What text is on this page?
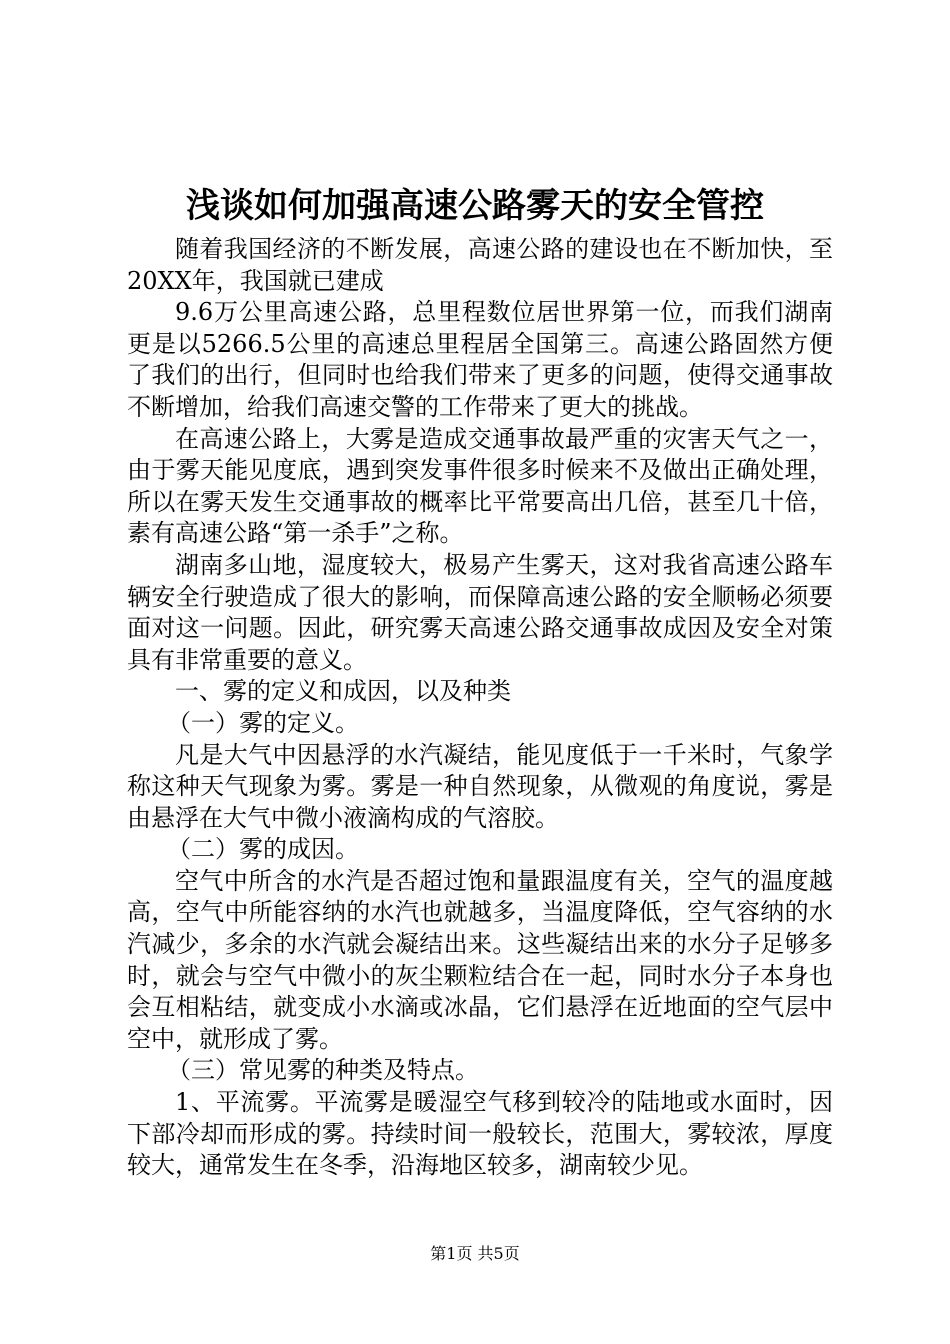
浅谈如何加强高速公路雾天的安全管控

随着我国经济的不断发展，高速公路的建设也在不断加快，至20XX年，我国就已建成

9.6万公里高速公路，总里程数位居世界第一位，而我们湖南更是以5266.5公里的高速总里程居全国第三。高速公路固然方便了我们的出行，但同时也给我们带来了更多的问题，使得交通事故不断增加，给我们高速交警的工作带来了更大的挑战。

在高速公路上，大雾是造成交通事故最严重的灾害天气之一，由于雾天能见度底，遇到突发事件很多时候来不及做出正确处理，所以在雾天发生交通事故的概率比平常要高出几倍，甚至几十倍，素有高速公路“第一杀手”之称。

湖南多山地，湿度较大，极易产生雾天，这对我省高速公路车辆安全行驶造成了很大的影响，而保障高速公路的安全顺畅必须要面对这一问题。因此，研究雾天高速公路交通事故成因及安全对策具有非常重要的意义。

一、雾的定义和成因，以及种类

（一）雾的定义。

凡是大气中因悬浮的水汽凝结，能见度低于一千米时，气象学称这种天气现象为雾。雾是一种自然现象，从微观的角度说，雾是由悬浮在大气中微小液滴构成的气溶胶。

（二）雾的成因。

空气中所含的水汽是否超过饱和量跟温度有关，空气的温度越高，空气中所能容纳的水汽也就越多，当温度降低，空气容纳的水汽减少，多余的水汽就会凝结出来。这些凝结出来的水分子足够多时，就会与空气中微小的灰尘颗粒结合在一起，同时水分子本身也会互相粘结，就变成小水滴或冰晶，它们悬浮在近地面的空气层中空中，就形成了雾。

（三）常见雾的种类及特点。

1、平流雾。平流雾是暖湿空气移到较冷的陆地或水面时，因下部冷却而形成的雾。持续时间一般较长，范围大，雾较浓，厚度较大，通常发生在冬季，沿海地区较多，湖南较少见。

第1页 共5页
